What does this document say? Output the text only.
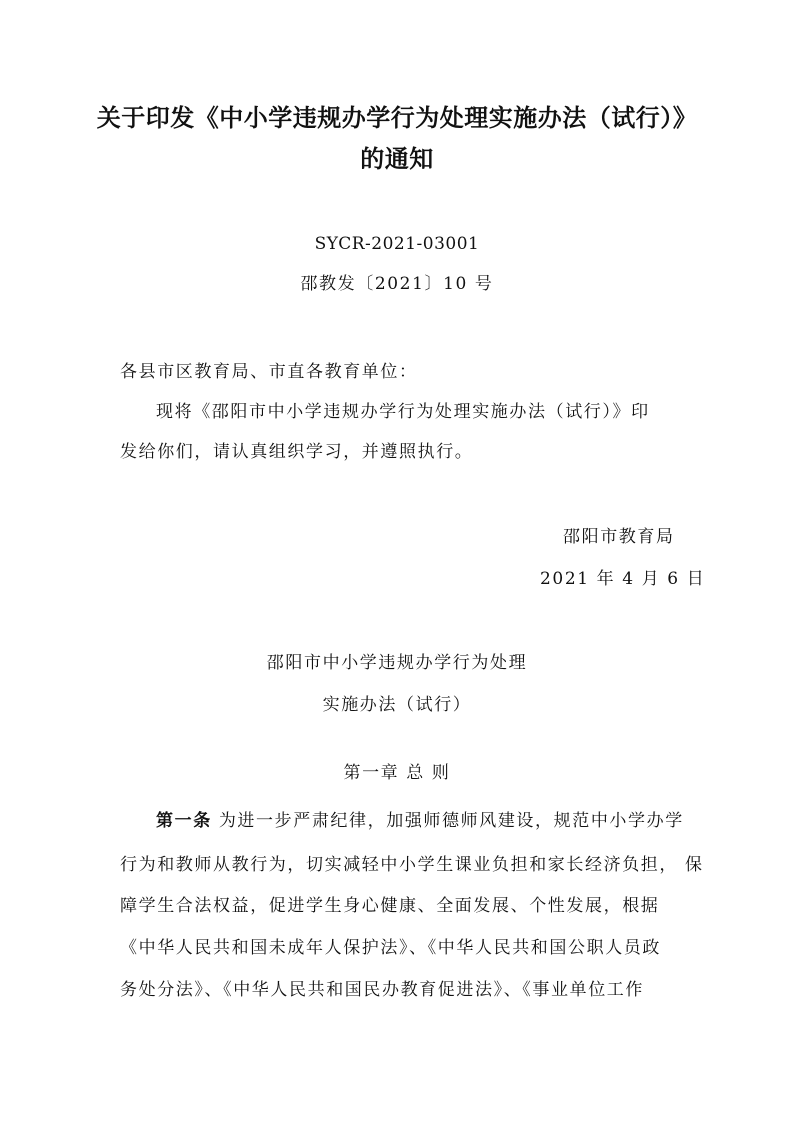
关于印发《中小学违规办学行为处理实施办法（试行）》
的通知
SYCR-2021-03001
邵教发〔2021〕10 号
各县市区教育局、市直各教育单位：
现将《邵阳市中小学违规办学行为处理实施办法（试行）》印
发给你们，请认真组织学习，并遵照执行。
邵阳市教育局
2021 年 4 月 6 日
邵阳市中小学违规办学行为处理
实施办法（试行）
第一章 总 则
第一条 为进一步严肃纪律，加强师德师风建设，规范中小学办学
行为和教师从教行为，切实减轻中小学生课业负担和家长经济负担， 保
障学生合法权益，促进学生身心健康、全面发展、个性发展，根据
《中华人民共和国未成年人保护法》、《中华人民共和国公职人员政
务处分法》、《中华人民共和国民办教育促进法》、《事业单位工作
